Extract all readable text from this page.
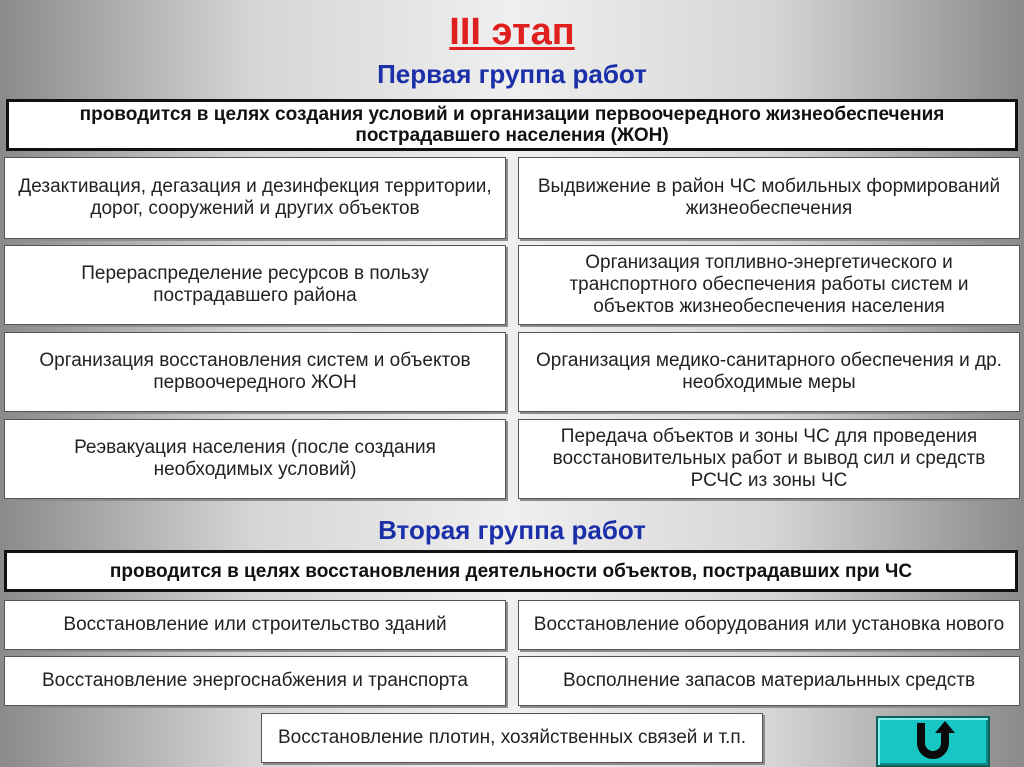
III этап
Первая группа работ
проводится в целях создания условий и организации первоочередного жизнеобеспечения пострадавшего населения (ЖОН)
Дезактивация, дегазация и дезинфекция территории, дорог, сооружений и других объектов
Выдвижение в район ЧС мобильных формирований жизнеобеспечения
Перераспределение ресурсов в пользу пострадавшего района
Организация топливно-энергетического и транспортного обеспечения работы систем и объектов жизнеобеспечения населения
Организация восстановления систем и объектов первоочередного ЖОН
Организация медико-санитарного обеспечения и др. необходимые меры
Реэвакуация населения (после создания необходимых условий)
Передача объектов и зоны ЧС для проведения восстановительных работ и вывод сил и средств РСЧС из зоны ЧС
Вторая группа работ
проводится в целях восстановления деятельности объектов, пострадавших при ЧС
Восстановление или строительство зданий	Восстановление оборудования или установка нового
Восстановление энергоснабжения и транспорта	Восполнение запасов материальнных средств
Восстановление плотин, хозяйственных связей и т.п.
